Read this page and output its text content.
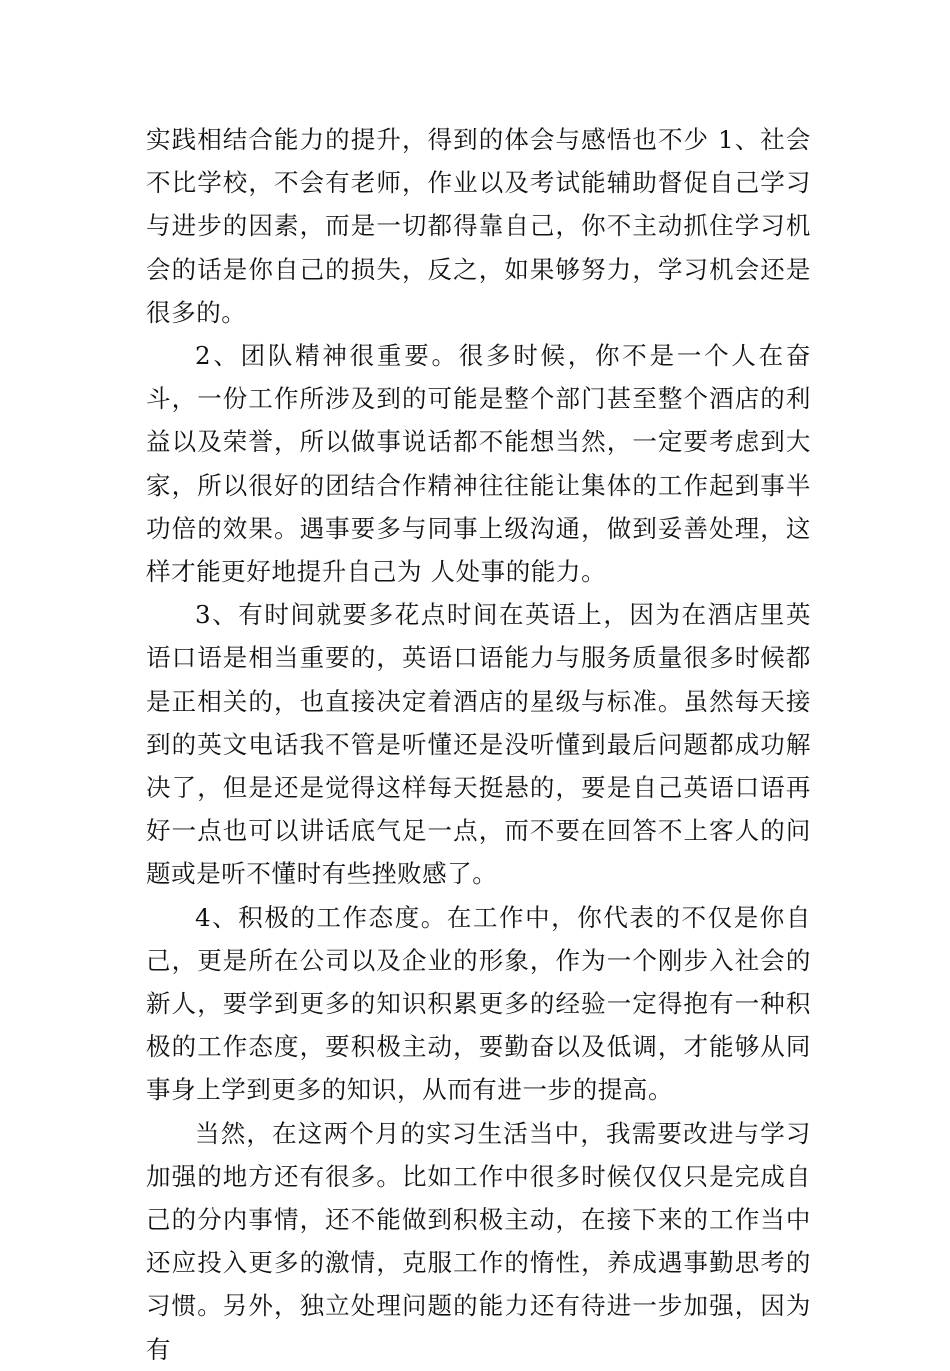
实践相结合能力的提升，得到的体会与感悟也不少 1、社会不比学校，不会有老师，作业以及考试能辅助督促自己学习与进步的因素，而是一切都得靠自己，你不主动抓住学习机会的话是你自己的损失，反之，如果够努力，学习机会还是很多的。

2、团队精神很重要。很多时候，你不是一个人在奋斗，一份工作所涉及到的可能是整个部门甚至整个酒店的利益以及荣誉，所以做事说话都不能想当然，一定要考虑到大家，所以很好的团结合作精神往往能让集体的工作起到事半功倍的效果。遇事要多与同事上级沟通，做到妥善处理，这样才能更好地提升自己为 人处事的能力。

3、有时间就要多花点时间在英语上，因为在酒店里英语口语是相当重要的，英语口语能力与服务质量很多时候都是正相关的，也直接决定着酒店的星级与标准。虽然每天接到的英文电话我不管是听懂还是没听懂到最后问题都成功解决了，但是还是觉得这样每天挺悬的，要是自己英语口语再好一点也可以讲话底气足一点，而不要在回答不上客人的问题或是听不懂时有些挫败感了。

4、积极的工作态度。在工作中，你代表的不仅是你自己，更是所在公司以及企业的形象，作为一个刚步入社会的新人，要学到更多的知识积累更多的经验一定得抱有一种积极的工作态度，要积极主动，要勤奋以及低调，才能够从同事身上学到更多的知识，从而有进一步的提高。

当然，在这两个月的实习生活当中，我需要改进与学习加强的地方还有很多。比如工作中很多时候仅仅只是完成自己的分内事情，还不能做到积极主动，在接下来的工作当中还应投入更多的激情，克服工作的惰性，养成遇事勤思考的习惯。另外，独立处理问题的能力还有待进一步加强，因为有
